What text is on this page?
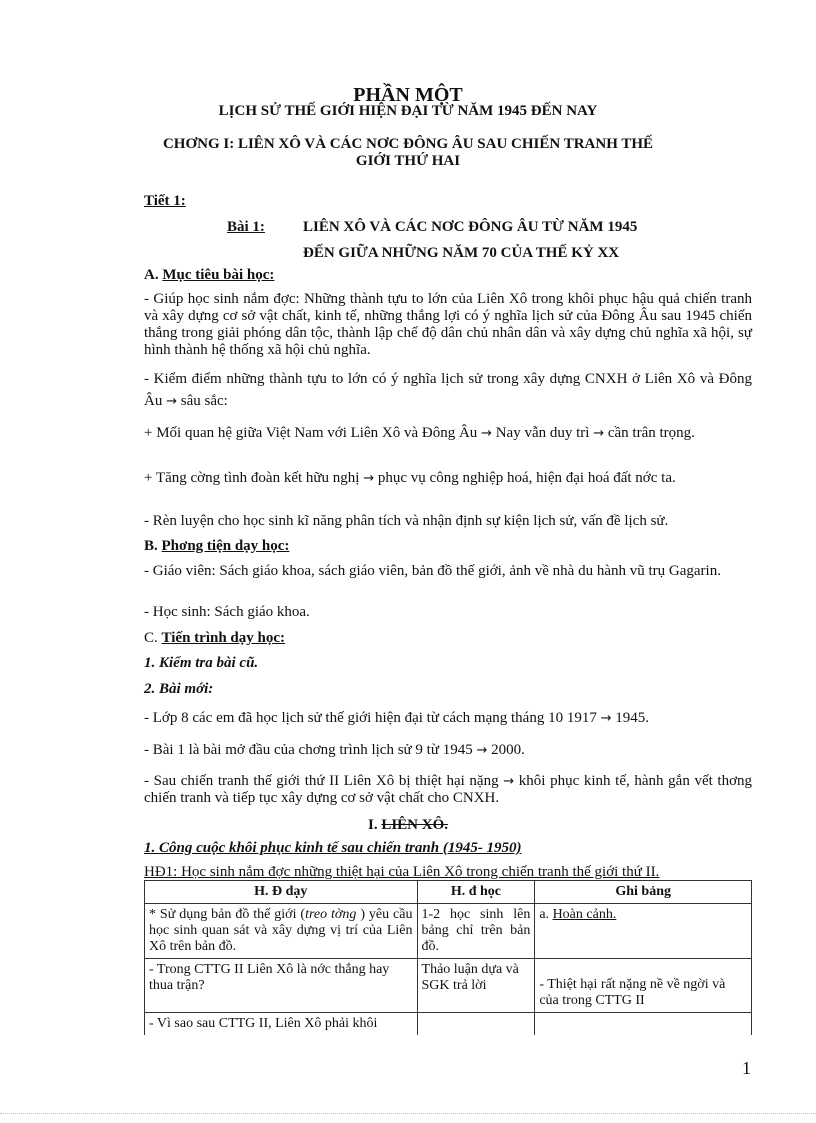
PHẦN MỘT
LỊCH SỬ THẾ GIỚI HIỆN ĐẠI TỪ NĂM 1945 ĐẾN NAY
CHƠNG I: LIÊN XÔ VÀ CÁC NƠC ĐÔNG ÂU SAU CHIẾN TRANH THẾ
GIỚI THỨ HAI
Tiết 1:
Bài 1:	LIÊN XÔ VÀ CÁC NƠC ĐÔNG ÂU TỪ NĂM 1945
ĐẾN GIỮA NHỮNG NĂM 70 CỦA THẾ KỶ XX
A. Mục tiêu bài học:
- Giúp học sinh nắm đợc: Những thành tựu to lớn của Liên Xô trong khôi phục hậu quả chiến tranh và xây dựng cơ sở vật chất, kinh tế, những thắng lợi có ý nghĩa lịch sử của Đông Âu sau 1945 chiến thắng trong giải phóng dân tộc, thành lập chế độ dân chủ nhân dân và xây dựng chủ nghĩa xã hội, sự hình thành hệ thống xã hội chủ nghĩa.
- Kiểm điểm những thành tựu to lớn có ý nghĩa lịch sử trong xây dựng CNXH ở Liên Xô và Đông Âu → sâu sắc:
+ Mối quan hệ giữa Việt Nam với Liên Xô và Đông Âu → Nay vẫn duy trì → cần trân trọng.
+ Tăng cờng tình đoàn kết hữu nghị → phục vụ công nghiệp hoá, hiện đại hoá đất nớc ta.
- Rèn luyện cho học sinh kĩ năng phân tích và nhận định sự kiện lịch sử, vấn đề lịch sử.
B. Phơng tiện dạy học:
- Giáo viên: Sách giáo khoa, sách giáo viên, bản đồ thế giới, ảnh về nhà du hành vũ trụ Gagarin.
- Học sinh: Sách giáo khoa.
C. Tiến trình dạy học:
1. Kiểm tra bài cũ.
2. Bài mới:
- Lớp 8 các em đã học lịch sử thế giới hiện đại từ cách mạng tháng 10 1917 → 1945.
- Bài 1 là bài mở đầu của chơng trình lịch sử 9 từ 1945 → 2000.
- Sau chiến tranh thế giới thứ II Liên Xô bị thiệt hại nặng → khôi phục kinh tế, hành gắn vết thơng chiến tranh và tiếp tục xây dựng cơ sở vật chất cho CNXH.
I. LIÊN XÔ.
1. Công cuộc khôi phục kinh tế sau chiến tranh (1945- 1950)
HĐ1: Học sinh nắm đợc những thiệt hại của Liên Xô trong chiến tranh thế giới thứ II.
H. Đ dạy	H. đ học	Ghi bảng
* Sử dụng bản đồ thế giới (treo tờng ) yêu cầu học sinh quan sát và xây dựng vị trí của Liên Xô trên bản đồ.	1-2 học sinh lên bảng chỉ trên bản đồ.	a. Hoàn cảnh.
- Trong CTTG II Liên Xô là nớc thắng hay thua trận?	Thảo luận dựa và SGK trả lời	- Thiệt hại rất nặng nề về ngời và của trong CTTG II
- Vì sao sau CTTG II, Liên Xô phải khôi		
1
